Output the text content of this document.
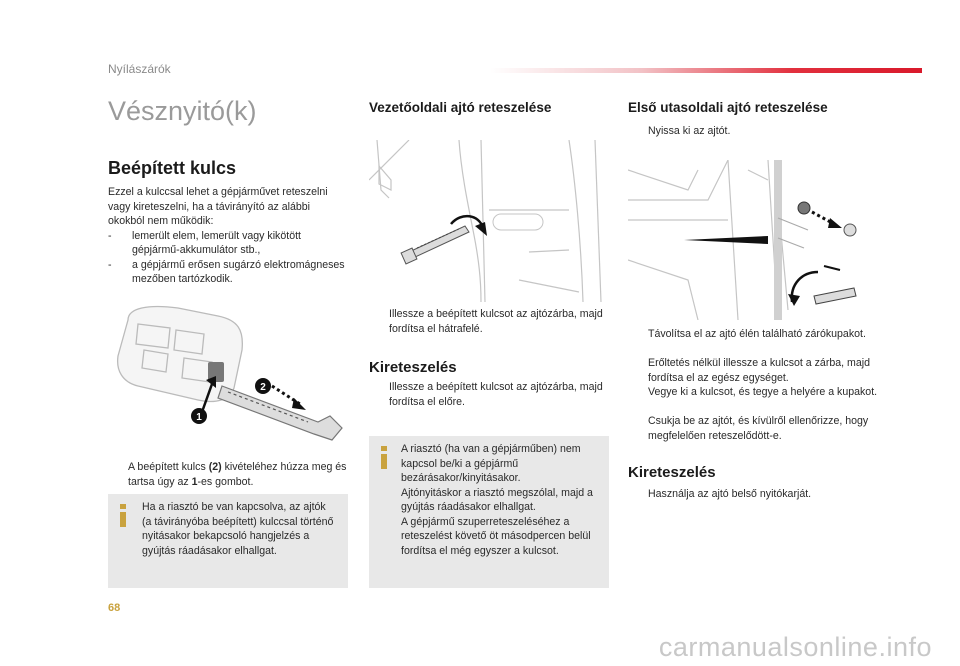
Nyílászárók
Vésznyitó(k)
Beépített kulcs
Ezzel a kulccsal lehet a gépjárművet reteszelni vagy kireteszelni, ha a távirányító az alábbi okokból nem működik:
- lemerült elem, lemerült vagy kikötött gépjármű-akkumulátor stb.,
- a gépjármű erősen sugárzó elektromágneses mezőben tartózkodik.
1
2
A beépített kulcs (2) kivételéhez húzza meg és tartsa úgy az 1-es gombot.
Ha a riasztó be van kapcsolva, az ajtók (a távirányóba beépített) kulccsal történő nyitásakor bekapcsoló hangjelzés a gyújtás ráadásakor elhallgat.
Vezetőoldali ajtó reteszelése
Illessze a beépített kulcsot az ajtózárba, majd fordítsa el hátrafelé.
Kireteszelés
Illessze a beépített kulcsot az ajtózárba, majd fordítsa el előre.
A riasztó (ha van a gépjárműben) nem kapcsol be/ki a gépjármű bezárásakor/kinyitásakor.
Ajtónyitáskor a riasztó megszólal, majd a gyújtás ráadásakor elhallgat.
A gépjármű szuperreteszeléséhez a reteszelést követő öt másodpercen belül fordítsa el még egyszer a kulcsot.
Első utasoldali ajtó reteszelése
Nyissa ki az ajtót.
Távolítsa el az ajtó élén található zárókupakot.
Erőltetés nélkül illessze a kulcsot a zárba, majd fordítsa el az egész egységet.
Vegye ki a kulcsot, és tegye a helyére a kupakot.
Csukja be az ajtót, és kívülről ellenőrizze, hogy megfelelően reteszelődött-e.
Kireteszelés
Használja az ajtó belső nyitókarját.
68
carmanualsonline.info
